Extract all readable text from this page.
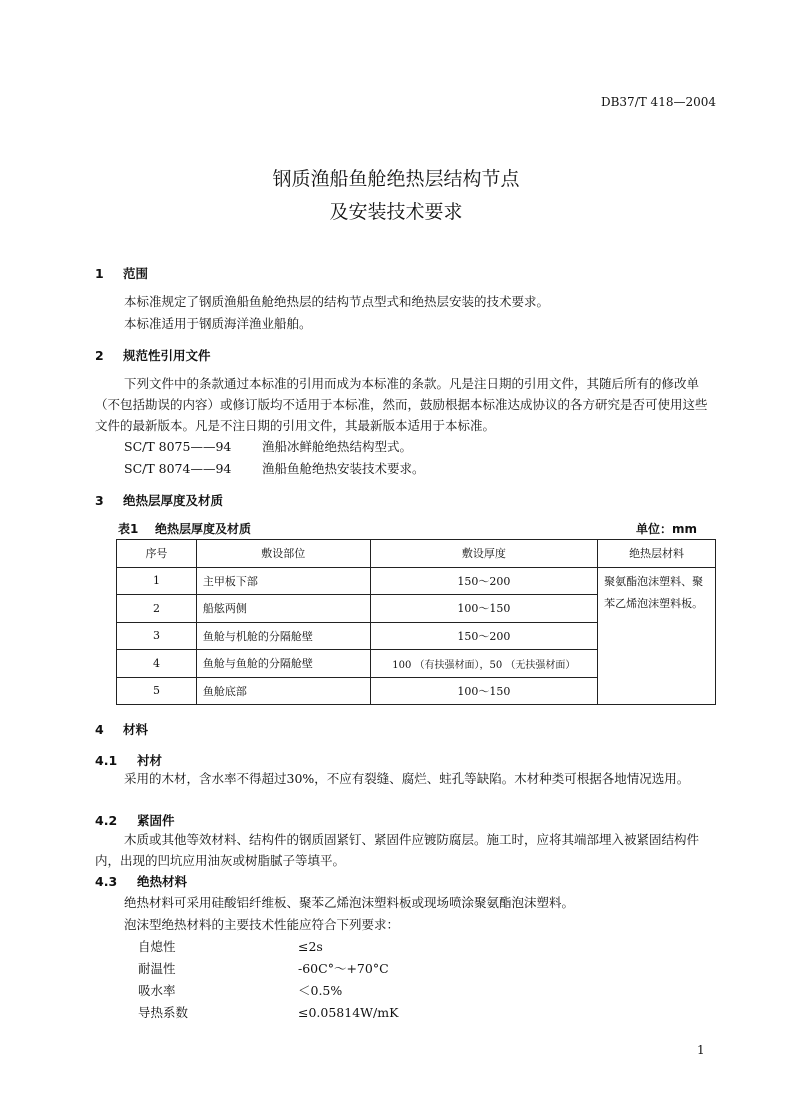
DB37/T 418—2004
钢质渔船鱼舱绝热层结构节点
及安装技术要求
1 范围
本标准规定了钢质渔船鱼舱绝热层的结构节点型式和绝热层安装的技术要求。
本标准适用于钢质海洋渔业船舶。
2 规范性引用文件
下列文件中的条款通过本标准的引用而成为本标准的条款。凡是注日期的引用文件，其随后所有的修改单（不包括勘误的内容）或修订版均不适用于本标准，然而，鼓励根据本标准达成协议的各方研究是否可使用这些文件的最新版本。凡是不注日期的引用文件，其最新版本适用于本标准。
SC/T 8075——94 渔船冰鲜舱绝热结构型式。
SC/T 8074——94 渔船鱼舱绝热安装技术要求。
3 绝热层厚度及材质
表1    绝热层厚度及材质	单位：mm
序号	敷设部位	敷设厚度	绝热层材料
1	主甲板下部	150～200	聚氨酯泡沫塑料、聚苯乙烯泡沫塑料板。
2	船舷两侧	100～150	
3	鱼舱与机舱的分隔舱壁	150～200	
4	鱼舱与鱼舱的分隔舱壁	100 （有扶强材面），50 （无扶强材面）	
5	鱼舱底部	100～150	
4 材料
4.1 衬材
采用的木材，含水率不得超过30%，不应有裂缝、腐烂、蛀孔等缺陷。木材种类可根据各地情况选用。
4.2 紧固件
木质或其他等效材料、结构件的钢质固紧钉、紧固件应镀防腐层。施工时，应将其端部埋入被紧固结构件内，出现的凹坑应用油灰或树脂腻子等填平。
4.3 绝热材料
绝热材料可采用硅酸铝纤维板、聚苯乙烯泡沫塑料板或现场喷涂聚氨酯泡沫塑料。
泡沫型绝热材料的主要技术性能应符合下列要求：
自熄性	≤2s
耐温性	-60C°～+70°C
吸水率	＜0.5%
导热系数	≤0.05814W/mK
1
